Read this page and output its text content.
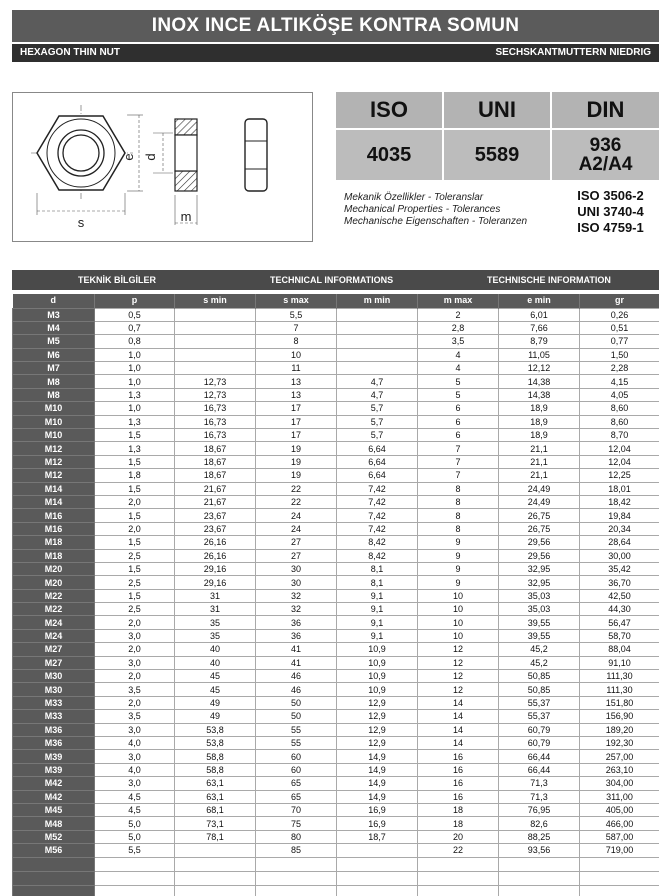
INOX INCE ALTIKÖŞE KONTRA SOMUN
HEXAGON THIN NUT	SECHSKANTMUTTERN NIEDRIG
s
e d
m
ISO	UNI	DIN
4035	5589	936
A2/A4
Mekanik Özellikler - Toleranslar
Mechanical Properties - Tolerances
Mechanische Eigenschaften - Toleranzen
ISO 3506-2
UNI 3740-4
ISO 4759-1
TEKNİK BİLGİLER	TECHNICAL INFORMATIONS	TECHNISCHE INFORMATION
d	p	s min	s max	m min	m max	e min	gr
M3	0,5		5,5		2	6,01	0,26
M4	0,7		7		2,8	7,66	0,51
M5	0,8		8		3,5	8,79	0,77
M6	1,0		10		4	11,05	1,50
M7	1,0		11		4	12,12	2,28
M8	1,0	12,73	13	4,7	5	14,38	4,15
M8	1,3	12,73	13	4,7	5	14,38	4,05
M10	1,0	16,73	17	5,7	6	18,9	8,60
M10	1,3	16,73	17	5,7	6	18,9	8,60
M10	1,5	16,73	17	5,7	6	18,9	8,70
M12	1,3	18,67	19	6,64	7	21,1	12,04
M12	1,5	18,67	19	6,64	7	21,1	12,04
M12	1,8	18,67	19	6,64	7	21,1	12,25
M14	1,5	21,67	22	7,42	8	24,49	18,01
M14	2,0	21,67	22	7,42	8	24,49	18,42
M16	1,5	23,67	24	7,42	8	26,75	19,84
M16	2,0	23,67	24	7,42	8	26,75	20,34
M18	1,5	26,16	27	8,42	9	29,56	28,64
M18	2,5	26,16	27	8,42	9	29,56	30,00
M20	1,5	29,16	30	8,1	9	32,95	35,42
M20	2,5	29,16	30	8,1	9	32,95	36,70
M22	1,5	31	32	9,1	10	35,03	42,50
M22	2,5	31	32	9,1	10	35,03	44,30
M24	2,0	35	36	9,1	10	39,55	56,47
M24	3,0	35	36	9,1	10	39,55	58,70
M27	2,0	40	41	10,9	12	45,2	88,04
M27	3,0	40	41	10,9	12	45,2	91,10
M30	2,0	45	46	10,9	12	50,85	111,30
M30	3,5	45	46	10,9	12	50,85	111,30
M33	2,0	49	50	12,9	14	55,37	151,80
M33	3,5	49	50	12,9	14	55,37	156,90
M36	3,0	53,8	55	12,9	14	60,79	189,20
M36	4,0	53,8	55	12,9	14	60,79	192,30
M39	3,0	58,8	60	14,9	16	66,44	257,00
M39	4,0	58,8	60	14,9	16	66,44	263,10
M42	3,0	63,1	65	14,9	16	71,3	304,00
M42	4,5	63,1	65	14,9	16	71,3	311,00
M45	4,5	68,1	70	16,9	18	76,95	405,00
M48	5,0	73,1	75	16,9	18	82,6	466,00
M52	5,0	78,1	80	18,7	20	88,25	587,00
M56	5,5		85		22	93,56	719,00
